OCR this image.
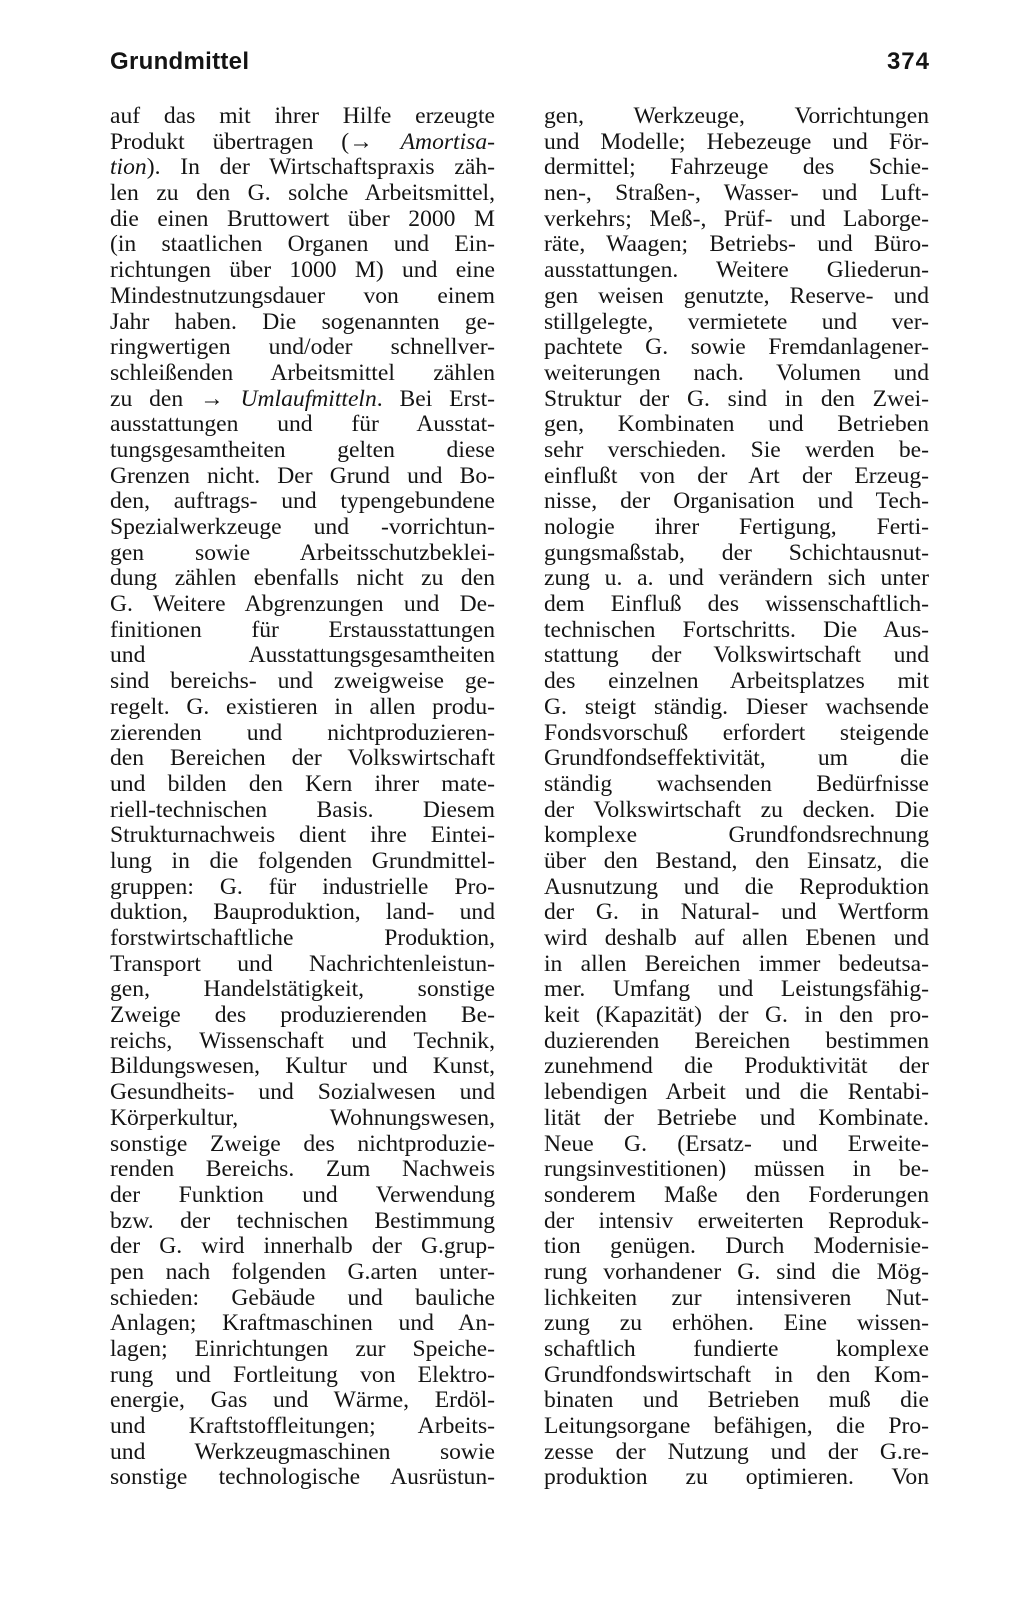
Grundmittel	374
auf das mit ihrer Hilfe erzeugte
Produkt übertragen (→ Amortisa-
tion). In der Wirtschaftspraxis zäh-
len zu den G. solche Arbeitsmittel,
die einen Bruttowert über 2000 M
(in staatlichen Organen und Ein-
richtungen über 1000 M) und eine
Mindestnutzungsdauer von einem
Jahr haben. Die sogenannten ge-
ringwertigen und/oder schnellver-
schleißenden Arbeitsmittel zählen
zu den → Umlaufmitteln. Bei Erst-
ausstattungen und für Ausstat-
tungsgesamtheiten gelten diese
Grenzen nicht. Der Grund und Bo-
den, auftrags- und typengebundene
Spezialwerkzeuge und -vorrichtun-
gen sowie Arbeitsschutzbeklei-
dung zählen ebenfalls nicht zu den
G. Weitere Abgrenzungen und De-
finitionen für Erstausstattungen
und Ausstattungsgesamtheiten
sind bereichs- und zweigweise ge-
regelt. G. existieren in allen produ-
zierenden und nichtproduzieren-
den Bereichen der Volkswirtschaft
und bilden den Kern ihrer mate-
riell-technischen Basis. Diesem
Strukturnachweis dient ihre Eintei-
lung in die folgenden Grundmittel-
gruppen: G. für industrielle Pro-
duktion, Bauproduktion, land- und
forstwirtschaftliche Produktion,
Transport und Nachrichtenleistun-
gen, Handelstätigkeit, sonstige
Zweige des produzierenden Be-
reichs, Wissenschaft und Technik,
Bildungswesen, Kultur und Kunst,
Gesundheits- und Sozialwesen und
Körperkultur, Wohnungswesen,
sonstige Zweige des nichtproduzie-
renden Bereichs. Zum Nachweis
der Funktion und Verwendung
bzw. der technischen Bestimmung
der G. wird innerhalb der G.grup-
pen nach folgenden G.arten unter-
schieden: Gebäude und bauliche
Anlagen; Kraftmaschinen und An-
lagen; Einrichtungen zur Speiche-
rung und Fortleitung von Elektro-
energie, Gas und Wärme, Erdöl-
und Kraftstoffleitungen; Arbeits-
und Werkzeugmaschinen sowie
sonstige technologische Ausrüstun-
gen, Werkzeuge, Vorrichtungen
und Modelle; Hebezeuge und För-
dermittel; Fahrzeuge des Schie-
nen-, Straßen-, Wasser- und Luft-
verkehrs; Meß-, Prüf- und Laborge-
räte, Waagen; Betriebs- und Büro-
ausstattungen. Weitere Gliederun-
gen weisen genutzte, Reserve- und
stillgelegte, vermietete und ver-
pachtete G. sowie Fremdanlagener-
weiterungen nach. Volumen und
Struktur der G. sind in den Zwei-
gen, Kombinaten und Betrieben
sehr verschieden. Sie werden be-
einflußt von der Art der Erzeug-
nisse, der Organisation und Tech-
nologie ihrer Fertigung, Ferti-
gungsmaßstab, der Schichtausnut-
zung u. a. und verändern sich unter
dem Einfluß des wissenschaftlich-
technischen Fortschritts. Die Aus-
stattung der Volkswirtschaft und
des einzelnen Arbeitsplatzes mit
G. steigt ständig. Dieser wachsende
Fondsvorschuß erfordert steigende
Grundfondseffektivität, um die
ständig wachsenden Bedürfnisse
der Volkswirtschaft zu decken. Die
komplexe Grundfondsrechnung
über den Bestand, den Einsatz, die
Ausnutzung und die Reproduktion
der G. in Natural- und Wertform
wird deshalb auf allen Ebenen und
in allen Bereichen immer bedeutsa-
mer. Umfang und Leistungsfähig-
keit (Kapazität) der G. in den pro-
duzierenden Bereichen bestimmen
zunehmend die Produktivität der
lebendigen Arbeit und die Rentabi-
lität der Betriebe und Kombinate.
Neue G. (Ersatz- und Erweite-
rungsinvestitionen) müssen in be-
sonderem Maße den Forderungen
der intensiv erweiterten Reproduk-
tion genügen. Durch Modernisie-
rung vorhandener G. sind die Mög-
lichkeiten zur intensiveren Nut-
zung zu erhöhen. Eine wissen-
schaftlich fundierte komplexe
Grundfondswirtschaft in den Kom-
binaten und Betrieben muß die
Leitungsorgane befähigen, die Pro-
zesse der Nutzung und der G.re-
produktion zu optimieren. Von
